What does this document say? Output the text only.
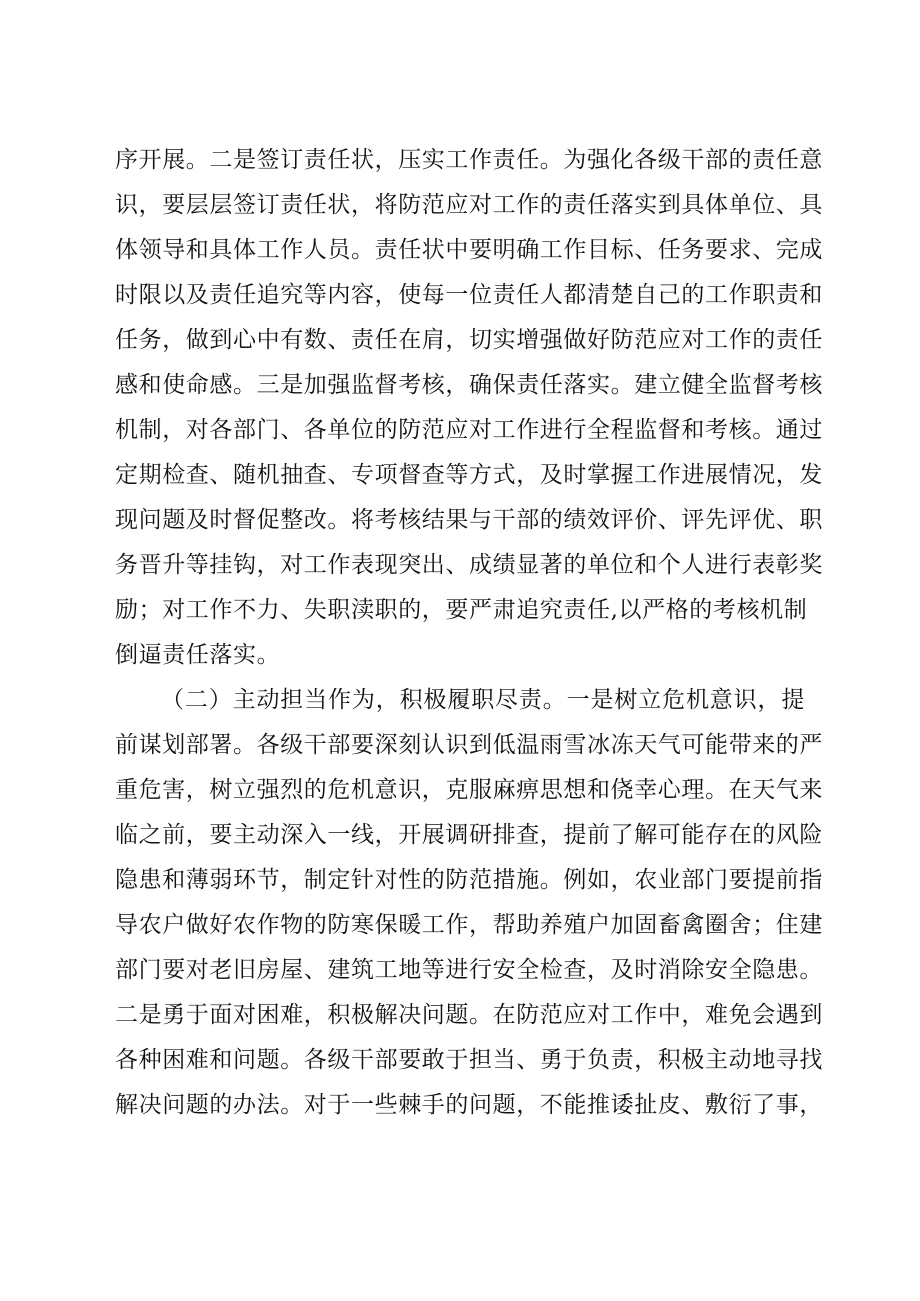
序开展。二是签订责任状，压实工作责任。为强化各级干部的责任意
识，要层层签订责任状，将防范应对工作的责任落实到具体单位、具
体领导和具体工作人员。责任状中要明确工作目标、任务要求、完成
时限以及责任追究等内容，使每一位责任人都清楚自己的工作职责和
任务，做到心中有数、责任在肩，切实增强做好防范应对工作的责任
感和使命感。三是加强监督考核，确保责任落实。建立健全监督考核
机制，对各部门、各单位的防范应对工作进行全程监督和考核。通过
定期检查、随机抽查、专项督查等方式，及时掌握工作进展情况，发
现问题及时督促整改。将考核结果与干部的绩效评价、评先评优、职
务晋升等挂钩，对工作表现突出、成绩显著的单位和个人进行表彰奖
励；对工作不力、失职渎职的，要严肃追究责任,以严格的考核机制
倒逼责任落实。
（二）主动担当作为，积极履职尽责。一是树立危机意识，提
前谋划部署。各级干部要深刻认识到低温雨雪冰冻天气可能带来的严
重危害，树立强烈的危机意识，克服麻痹思想和侥幸心理。在天气来
临之前，要主动深入一线，开展调研排查，提前了解可能存在的风险
隐患和薄弱环节，制定针对性的防范措施。例如，农业部门要提前指
导农户做好农作物的防寒保暖工作，帮助养殖户加固畜禽圈舍；住建
部门要对老旧房屋、建筑工地等进行安全检查，及时消除安全隐患。
二是勇于面对困难，积极解决问题。在防范应对工作中，难免会遇到
各种困难和问题。各级干部要敢于担当、勇于负责，积极主动地寻找
解决问题的办法。对于一些棘手的问题，不能推诿扯皮、敷衍了事，
